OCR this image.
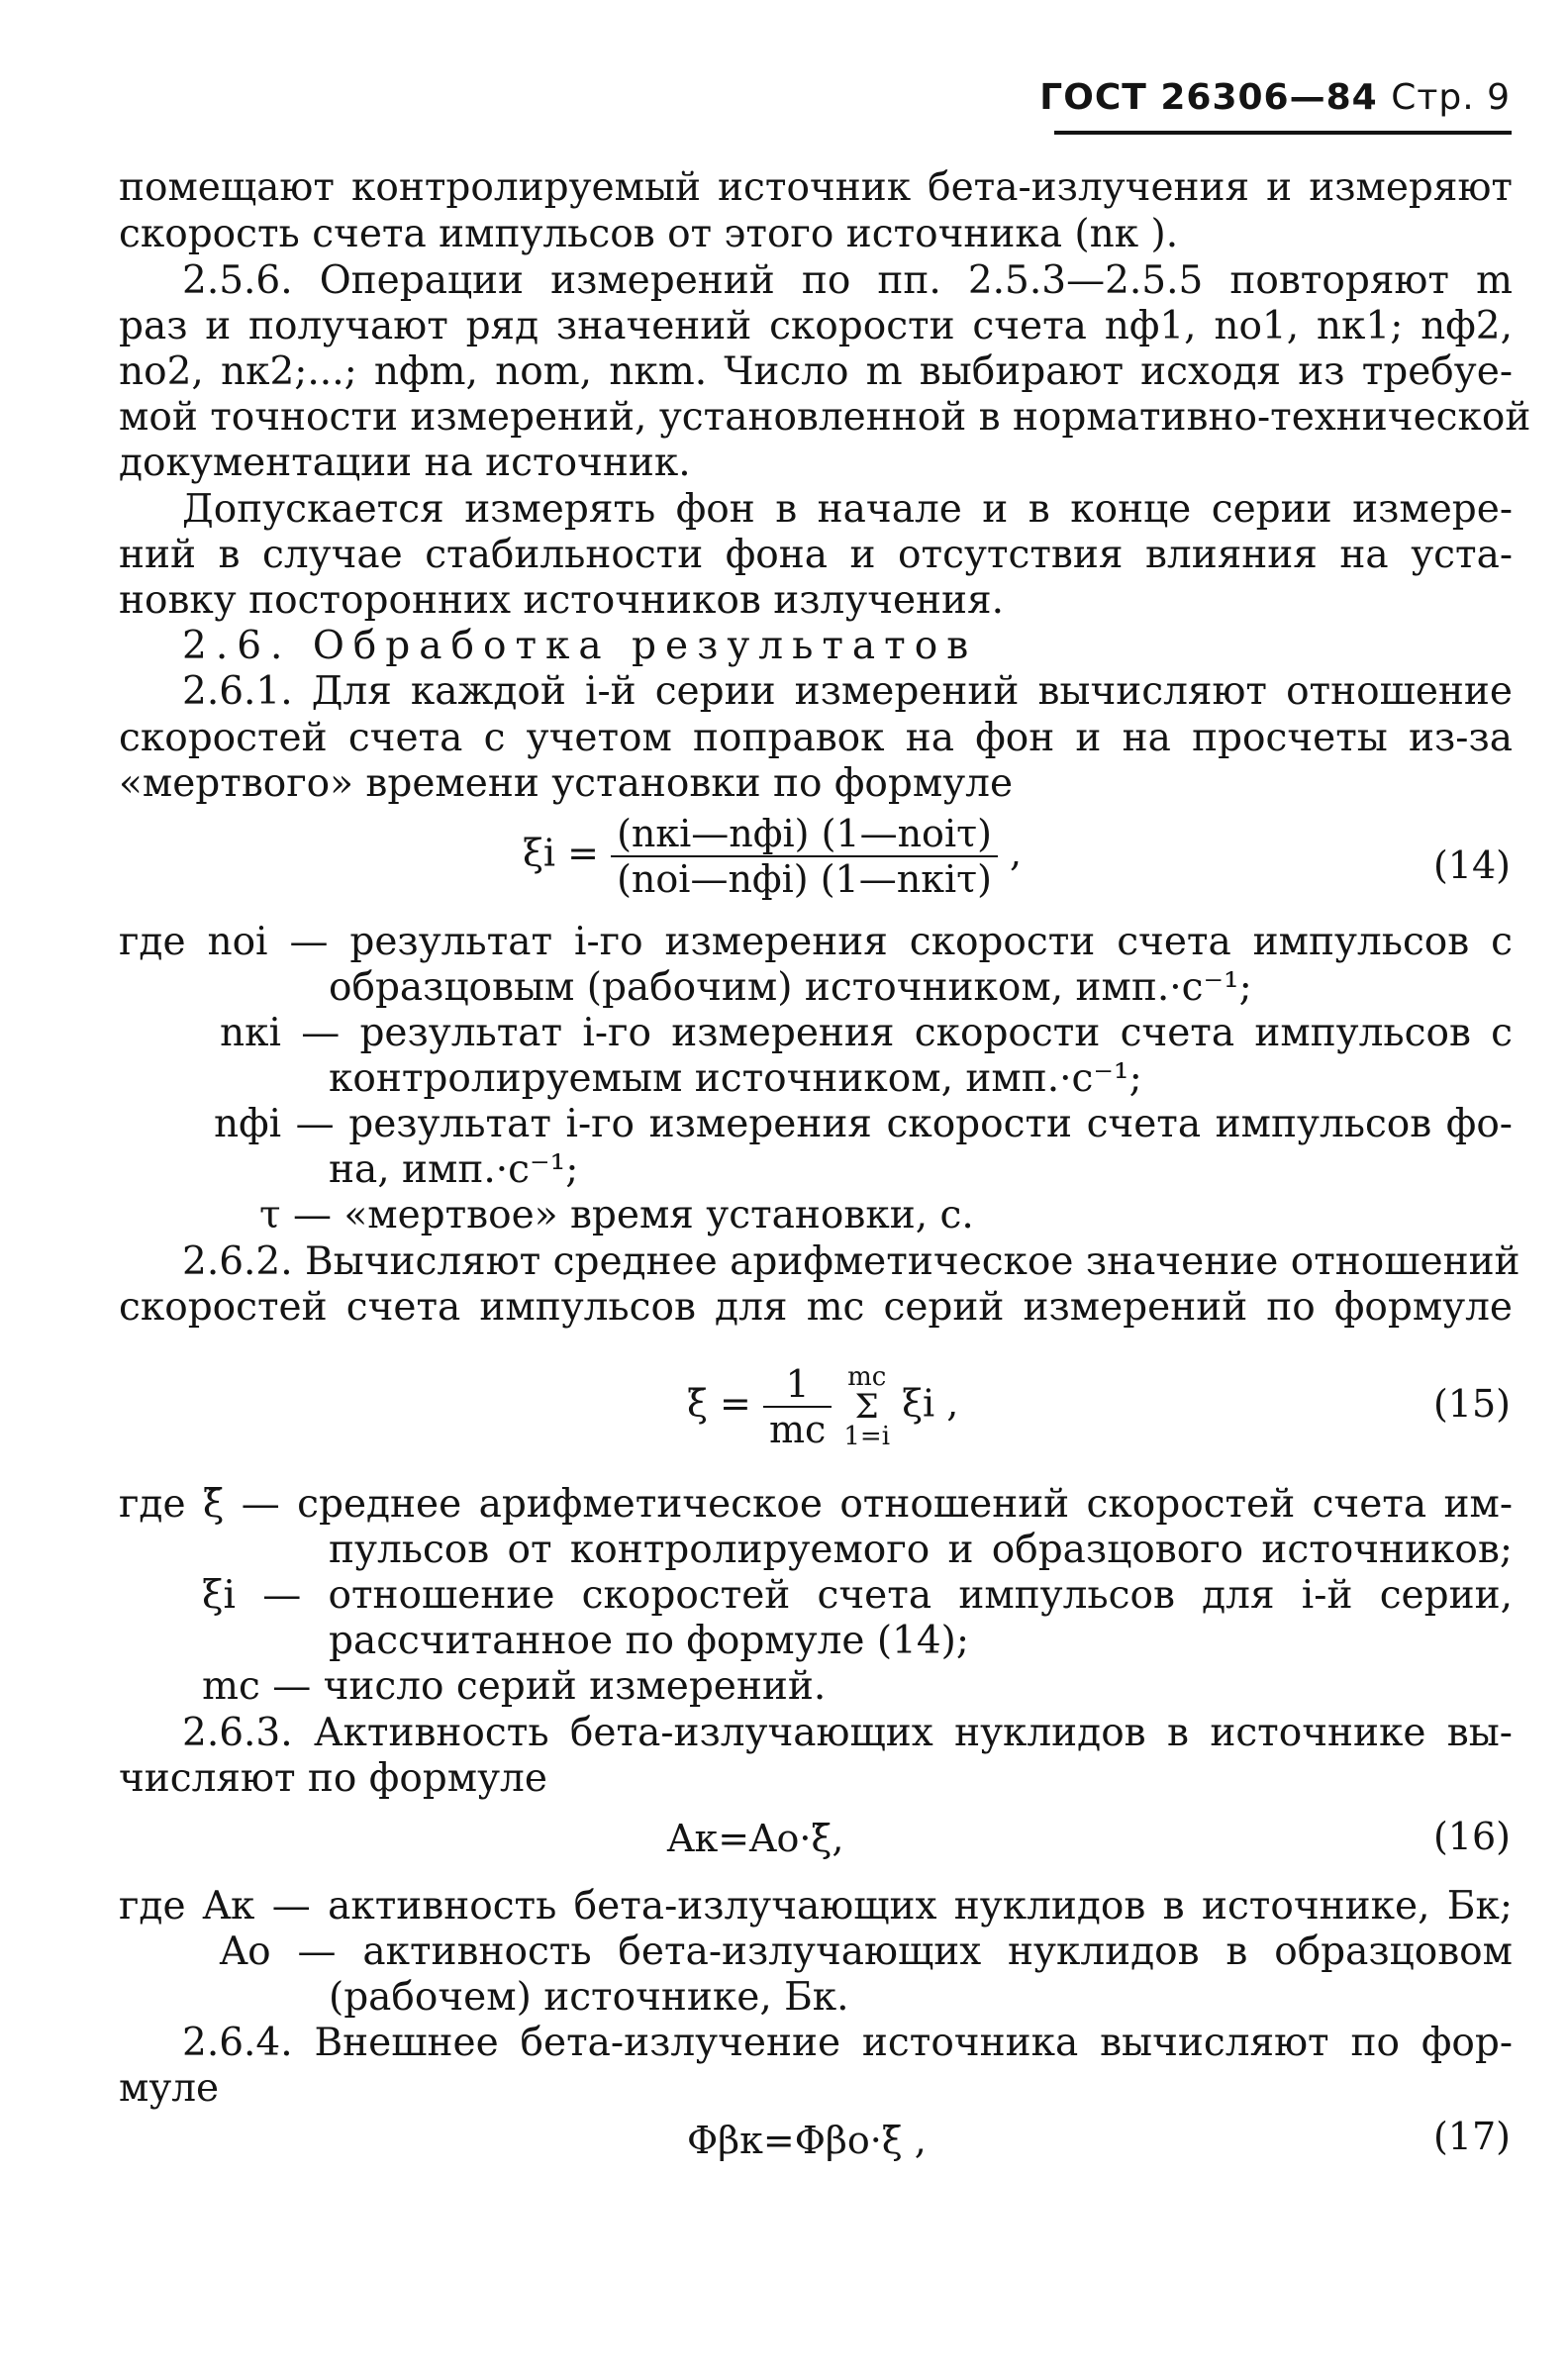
ГОСТ 26306—84 Стр. 9
помещают контролируемый источник бета-излучения и измеряют
скорость счета импульсов от этого источника (nк ).
2.5.6. Операции измерений по пп. 2.5.3—2.5.5 повторяют m
раз и получают ряд значений скорости счета nф1, nо1, nк1; nф2,
nо2, nк2;...; nфm, nоm, nкm. Число m выбирают исходя из требуе-
мой точности измерений, установленной в нормативно-технической
документации на источник.
Допускается измерять фон в начале и в конце серии измере-
ний в случае стабильности фона и отсутствия влияния на уста-
новку посторонних источников излучения.
2.6. Обработка результатов
2.6.1. Для каждой i-й серии измерений вычисляют отношение
скоростей счета с учетом поправок на фон и на просчеты из-за
«мертвого» времени установки по формуле
$\xi i = \frac{\text{(nкi—nфi) (1—nоiτ)}}{\text{(nоi—nфi) (1—nкiτ)}}$ ,	(14)
где nоi — результат i-го измерения скорости счета импульсов с
образцовым (рабочим) источником, имп.·с⁻¹;
nкi — результат i-го измерения скорости счета импульсов с
контролируемым источником, имп.·с⁻¹;
nфi — результат i-го измерения скорости счета импульсов фо-
на, имп.·с⁻¹;
τ — «мертвое» время установки, с.
2.6.2. Вычисляют среднее арифметическое значение отношений
скоростей счета импульсов для mс серий измерений по формуле
ξ̄ = $\frac{1}{mс}$
mс
Σ
1=i
ξi ,	(15)
где ξ̄ — среднее арифметическое отношений скоростей счета им-
пульсов от контролируемого и образцового источников;
ξi — отношение скоростей счета импульсов для i-й серии,
рассчитанное по формуле (14);
mс — число серий измерений.
2.6.3. Активность бета-излучающих нуклидов в источнике вы-
числяют по формуле
Aк=Aо·ξ̄,	(16)
где Aк — активность бета-излучающих нуклидов в источнике, Бк;
Aо — активность бета-излучающих нуклидов в образцовом
(рабочем) источнике, Бк.
2.6.4. Внешнее бета-излучение источника вычисляют по фор-
муле
Φβк=Φβо·ξ̄ ,	(17)
